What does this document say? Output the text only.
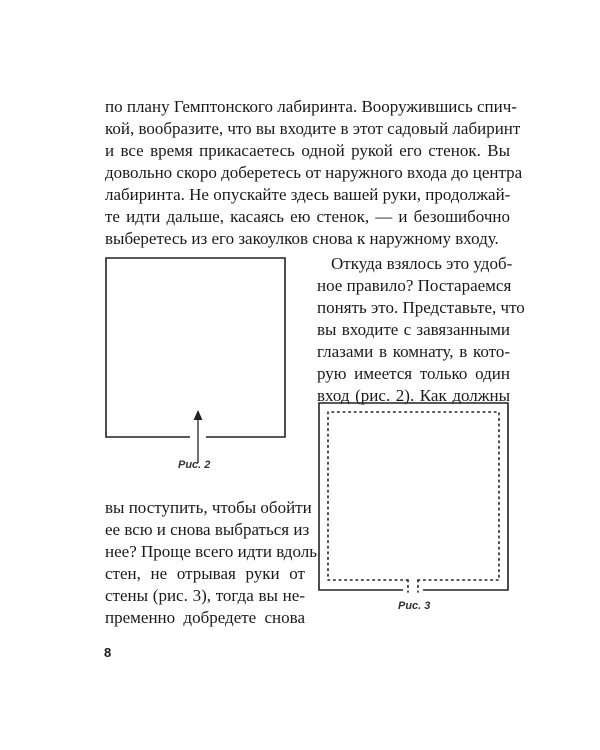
по плану Гемптонского лабиринта. Вооружившись спич-
кой, вообразите, что вы входите в этот садовый лабиринт
и все время прикасаетесь одной рукой его стенок. Вы
довольно скоро доберетесь от наружного входа до центра
лабиринта. Не опускайте здесь вашей руки, продолжай-
те идти дальше, касаясь ею стенок, — и безошибочно
выберетесь из его закоулков снова к наружному входу.
Откуда взялось это удоб-
ное правило? Постараемся
понять это. Представьте, что
вы входите с завязанными
глазами в комнату, в кото-
рую имеется только один
вход (рис. 2). Как должны
Рис. 2
Рис. 3
вы поступить, чтобы обойти
ее всю и снова выбраться из
нее? Проще всего идти вдоль
стен, не отрывая руки от
стены (рис. 3), тогда вы не-
пременно добредете снова
8
